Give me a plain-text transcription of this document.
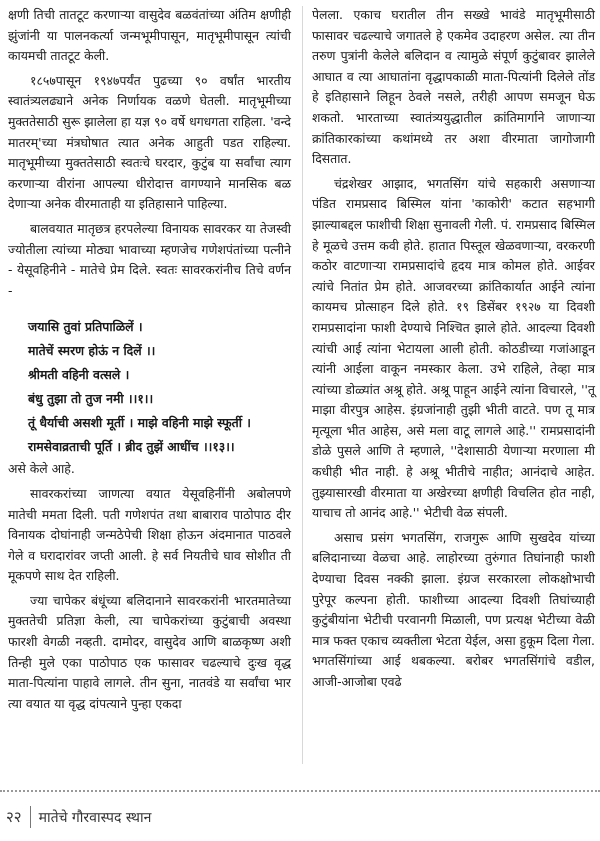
क्षणी तिची तातटूट करणाऱ्या वासुदेव बळवंतांच्या अंतिम क्षणीही झुंजांनी या पालनकर्त्या जन्मभूमीपासून, मातृभूमीपासून त्यांची कायमची तातटूट केली.

१८५७पासून १९४७पर्यंत पुढच्या ९० वर्षांत भारतीय स्वातंत्र्यलढ्याने अनेक निर्णायक वळणे घेतली. मातृभूमीच्या मुक्ततेसाठी सुरू झालेला हा यज्ञ ९० वर्षे धगधगता राहिला. 'वन्दे मातरम्'च्या मंत्रघोषात त्यात अनेक आहुती पडत राहिल्या. मातृभूमीच्या मुक्ततेसाठी स्वतःचे घरदार, कुटुंब या सर्वांचा त्याग करणाऱ्या वीरांना आपल्या धीरोदात्त वागण्याने मानसिक बळ देणाऱ्या अनेक वीरमाताही या इतिहासाने पाहिल्या.

बालवयात मातृछत्र हरपलेल्या विनायक सावरकर या तेजस्वी ज्योतीला त्यांच्या मोठ्या भावाच्या म्हणजेच गणेशपंतांच्या पत्नीने - येसूवहिनीने - मातेचे प्रेम दिले. स्वतः सावरकरांनीच तिचे वर्णन -

जयासि तुवां प्रतिपाळिलें ।
मातेचें स्मरण होऊं न दिलें ।।
श्रीमती वहिनी वत्सले ।
बंधु तुझा तो तुज नमी ।।१।।
तूं धैर्याची असशी मूर्ती । माझे वहिनी माझे स्फूर्ती ।
रामसेवाव्रताची पूर्ति । ब्रीद तुझें आधींच ।।१३।।

असे केले आहे.

सावरकरांच्या जाणत्या वयात येसूवहिनींनी अबोलपणे मातेची ममता दिली. पती गणेशपंत तथा बाबाराव पाठोपाठ दीर विनायक दोघांनाही जन्मठेपेची शिक्षा होऊन अंदमानात पाठवले गेले व घरादारांवर जप्ती आली. हे सर्व नियतीचे घाव सोशीत ती मूकपणे साथ देत राहिली.

ज्या चापेकर बंधूंच्या बलिदानाने सावरकरांनी भारतमातेच्या मुक्ततेची प्रतिज्ञा केली, त्या चापेकरांच्या कुटुंबाची अवस्था फारशी वेगळी नव्हती. दामोदर, वासुदेव आणि बाळकृष्ण अशी तिन्ही मुले एका पाठोपाठ एक फासावर चढल्याचे दुःख वृद्ध माता-पित्यांना पाहावे लागले. तीन सुना, नातवंडे या सर्वांचा भार त्या वयात या वृद्ध दांपत्याने पुन्हा एकदा

पेलला. एकाच घरातील तीन सख्खे भावंडे मातृभूमीसाठी फासावर चढल्याचे जगातले हे एकमेव उदाहरण असेल. त्या तीन तरुण पुत्रांनी केलेले बलिदान व त्यामुळे संपूर्ण कुटुंबावर झालेले आघात व त्या आघातांना वृद्धापकाळी माता-पित्यांनी दिलेले तोंड हे इतिहासाने लिहून ठेवले नसले, तरीही आपण समजून घेऊ शकतो. भारताच्या स्वातंत्र्ययुद्धातील क्रांतिमार्गाने जाणाऱ्या क्रांतिकारकांच्या कथांमध्ये तर अशा वीरमाता जागोजागी दिसतात.

चंद्रशेखर आझाद, भगतसिंग यांचे सहकारी असणाऱ्या पंडित रामप्रसाद बिस्मिल यांना 'काकोरी' कटात सहभागी झाल्याबद्दल फाशीची शिक्षा सुनावली गेली. पं. रामप्रसाद बिस्मिल हे मूळचे उत्तम कवी होते. हातात पिस्तूल खेळवणाऱ्या, वरकरणी कठोर वाटणाऱ्या रामप्रसादांचे हृदय मात्र कोमल होते. आईवर त्यांचे नितांत प्रेम होते. आजवरच्या क्रांतिकार्यात आईने त्यांना कायमच प्रोत्साहन दिले होते. १९ डिसेंबर १९२७ या दिवशी रामप्रसादांना फाशी देण्याचे निश्चित झाले होते. आदल्या दिवशी त्यांची आई त्यांना भेटायला आली होती. कोठडीच्या गजांआडून त्यांनी आईला वाकून नमस्कार केला. उभे राहिले, तेव्हा मात्र त्यांच्या डोळ्यांत अश्रू होते. अश्रू पाहून आईने त्यांना विचारले, ''तू माझा वीरपुत्र आहेस. इंग्रजांनाही तुझी भीती वाटते. पण तू मात्र मृत्यूला भीत आहेस, असे मला वाटू लागले आहे.'' रामप्रसादांनी डोळे पुसले आणि ते म्हणाले, ''देशासाठी येणाऱ्या मरणाला मी कधीही भीत नाही. हे अश्रू भीतीचे नाहीत; आनंदाचे आहेत. तुझ्यासारखी वीरमाता या अखेरच्या क्षणीही विचलित होत नाही, याचाच तो आनंद आहे.'' भेटीची वेळ संपली.

असाच प्रसंग भगतसिंग, राजगुरू आणि सुखदेव यांच्या बलिदानाच्या वेळचा आहे. लाहोरच्या तुरुंगात तिघांनाही फाशी देण्याचा दिवस नक्की झाला. इंग्रज सरकारला लोकक्षोभाची पुरेपूर कल्पना होती. फाशीच्या आदल्या दिवशी तिघांच्याही कुटुंबीयांना भेटीची परवानगी मिळाली, पण प्रत्यक्ष भेटीच्या वेळी मात्र फक्त एकाच व्यक्तीला भेटता येईल, असा हुकूम दिला गेला. भगतसिंगांच्या आई थबकल्या. बरोबर भगतसिंगांचे वडील, आजी-आजोबा एवढे

२२	मातेचे गौरवास्पद स्थान
